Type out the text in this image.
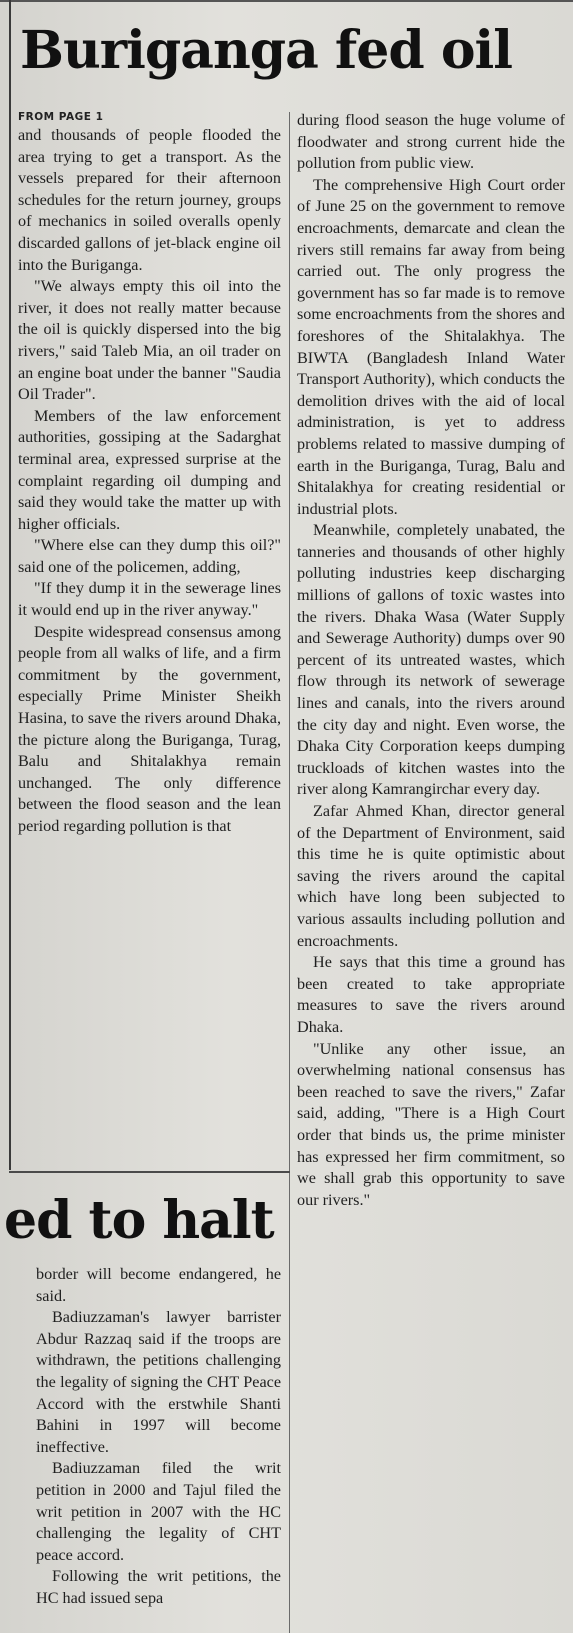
Buriganga fed oil
FROM PAGE 1

and thousands of people flooded the area trying to get a transport. As the vessels prepared for their afternoon schedules for the return journey, groups of mechanics in soiled overalls openly discarded gallons of jet-black engine oil into the Buriganga.

"We always empty this oil into the river, it does not really matter because the oil is quickly dispersed into the big rivers," said Taleb Mia, an oil trader on an engine boat under the banner "Saudia Oil Trader".

Members of the law enforcement authorities, gossiping at the Sadarghat terminal area, expressed surprise at the complaint regarding oil dumping and said they would take the matter up with higher officials.

"Where else can they dump this oil?" said one of the policemen, adding,

"If they dump it in the sewerage lines it would end up in the river anyway."

Despite widespread consensus among people from all walks of life, and a firm commitment by the government, especially Prime Minister Sheikh Hasina, to save the rivers around Dhaka, the picture along the Buriganga, Turag, Balu and Shitalakhya remain unchanged. The only difference between the flood season and the lean period regarding pollution is that

during flood season the huge volume of floodwater and strong current hide the pollution from public view.

The comprehensive High Court order of June 25 on the government to remove encroachments, demarcate and clean the rivers still remains far away from being carried out. The only progress the government has so far made is to remove some encroachments from the shores and foreshores of the Shitalakhya. The BIWTA (Bangladesh Inland Water Transport Authority), which conducts the demolition drives with the aid of local administration, is yet to address problems related to massive dumping of earth in the Buriganga, Turag, Balu and Shitalakhya for creating residential or industrial plots.

Meanwhile, completely unabated, the tanneries and thousands of other highly polluting industries keep discharging millions of gallons of toxic wastes into the rivers. Dhaka Wasa (Water Supply and Sewerage Authority) dumps over 90 percent of its untreated wastes, which flow through its network of sewerage lines and canals, into the rivers around the city day and night. Even worse, the Dhaka City Corporation keeps dumping truckloads of kitchen wastes into the river along Kamrangirchar every day.

Zafar Ahmed Khan, director general of the Department of Environment, said this time he is quite optimistic about saving the rivers around the capital which have long been subjected to various assaults including pollution and encroachments.

He says that this time a ground has been created to take appropriate measures to save the rivers around Dhaka.

"Unlike any other issue, an overwhelming national consensus has been reached to save the rivers," Zafar said, adding, "There is a High Court order that binds us, the prime minister has expressed her firm commitment, so we shall grab this opportunity to save our rivers."

ed to halt

border will become endangered, he said.

Badiuzzaman's lawyer barrister Abdur Razzaq said if the troops are withdrawn, the petitions challenging the legality of signing the CHT Peace Accord with the erstwhile Shanti Bahini in 1997 will become ineffective.

Badiuzzaman filed the writ petition in 2000 and Tajul filed the writ petition in 2007 with the HC challenging the legality of CHT peace accord.

Following the writ petitions, the HC had issued sepa
